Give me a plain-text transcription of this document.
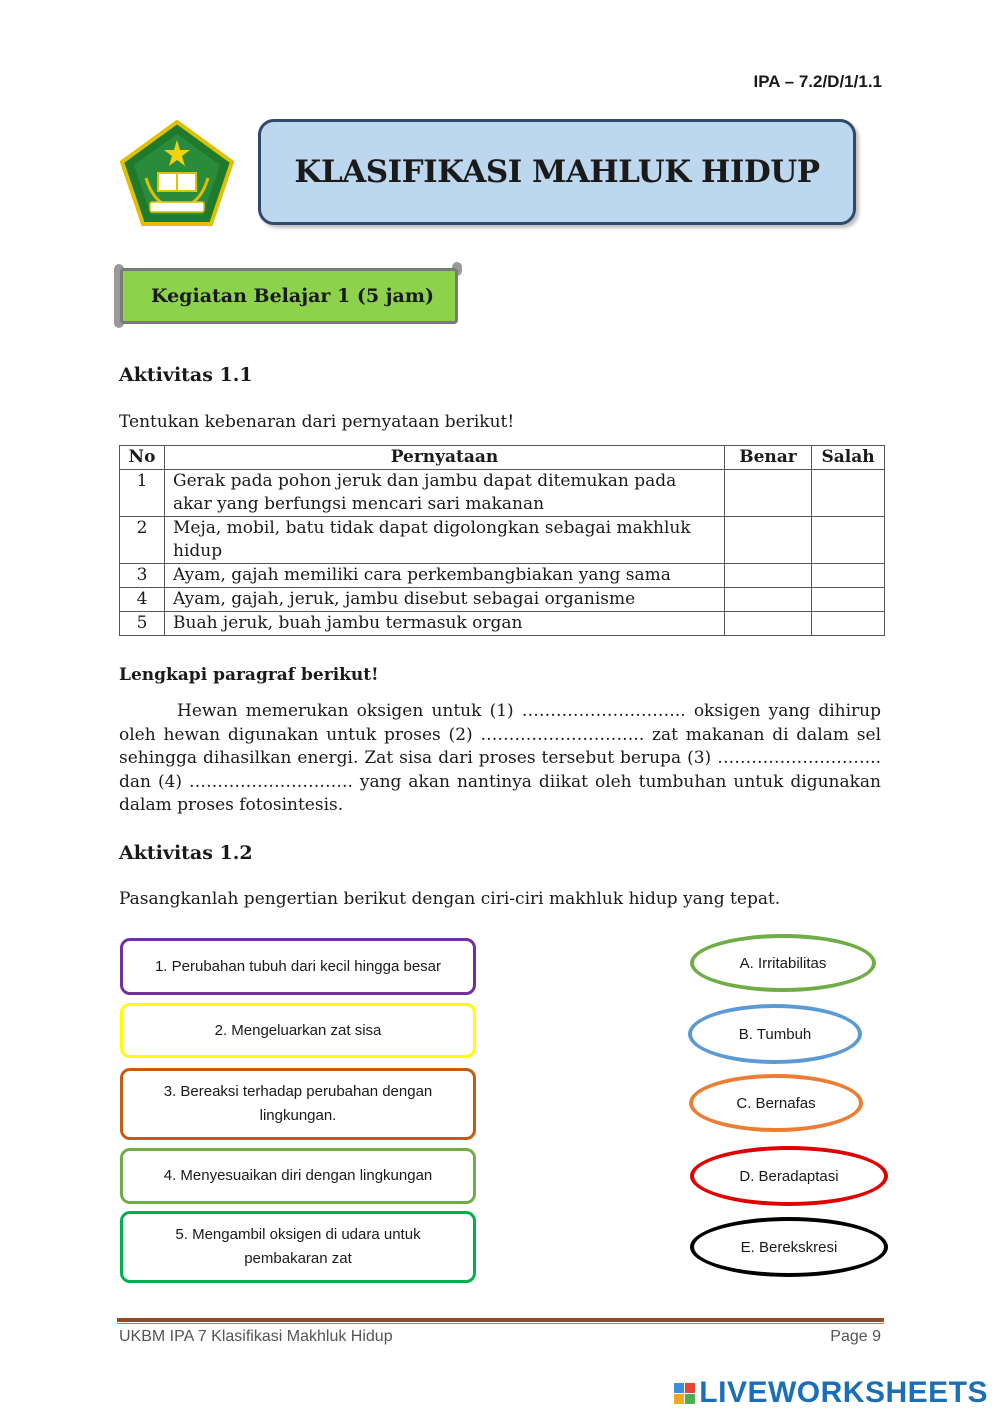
IPA – 7.2/D/1/1.1
KLASIFIKASI MAHLUK HIDUP
Kegiatan Belajar 1 (5 jam)
Aktivitas 1.1
Tentukan kebenaran dari pernyataan berikut!
No	Pernyataan	Benar	Salah
1	Gerak pada pohon jeruk dan jambu dapat ditemukan pada akar yang berfungsi mencari sari makanan		
2	Meja, mobil, batu tidak dapat digolongkan sebagai makhluk hidup		
3	Ayam, gajah memiliki cara perkembangbiakan yang sama		
4	Ayam, gajah, jeruk, jambu disebut sebagai organisme		
5	Buah jeruk, buah jambu termasuk organ		
Lengkapi paragraf berikut!
Hewan memerukan oksigen untuk (1) ……………………….. oksigen yang dihirup oleh hewan digunakan untuk proses (2) ……………………….. zat makanan di dalam sel sehingga dihasilkan energi. Zat sisa dari proses tersebut berupa (3) ……………………….. dan (4) ……………………….. yang akan nantinya diikat oleh tumbuhan untuk digunakan dalam proses fotosintesis.
Aktivitas 1.2
Pasangkanlah pengertian berikut dengan ciri-ciri makhluk hidup yang tepat.
1. Perubahan tubuh dari kecil hingga besar
2. Mengeluarkan zat sisa
3. Bereaksi terhadap perubahan dengan lingkungan.
4. Menyesuaikan diri dengan lingkungan
5. Mengambil oksigen di udara untuk pembakaran zat
A. Irritabilitas
B. Tumbuh
C. Bernafas
D. Beradaptasi
E. Berekskresi
UKBM IPA 7 Klasifikasi Makhluk Hidup	Page 9
LIVEWORKSHEETS
